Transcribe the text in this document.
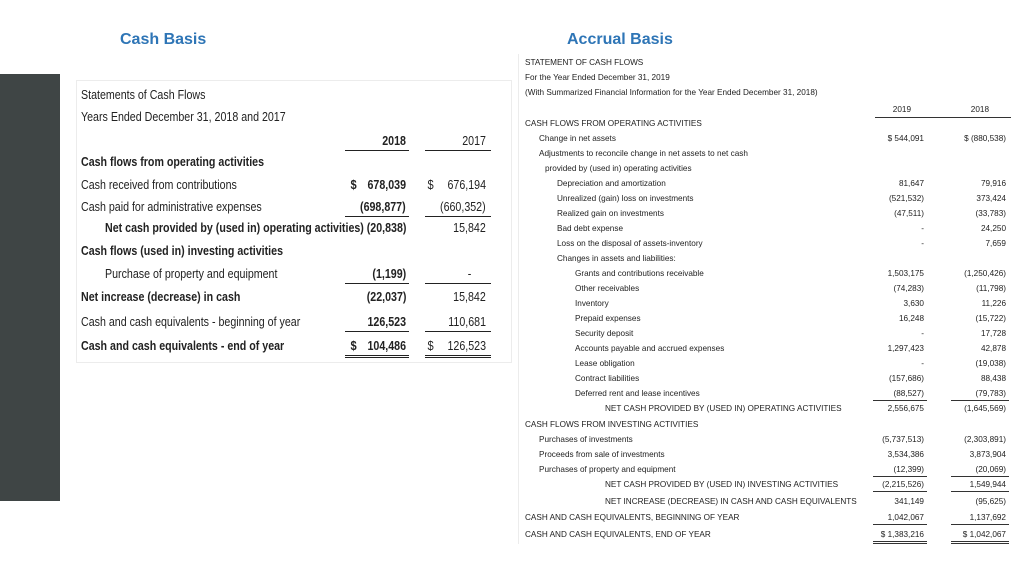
Cash Basis	Accrual Basis
Statements of Cash Flows
Years Ended December 31, 2018 and 2017
2018	2017
Cash flows from operating activities
Cash received from contributions	$ 678,039 $ 676,194
Cash paid for administrative expenses	(698,877)	(660,352)
Net cash provided by (used in) operating activities) (20,838)	15,842
Cash flows (used in) investing activities
Purchase of property and equipment	(1,199)	-
Net increase (decrease) in cash	(22,037)	15,842
Cash and cash equivalents - beginning of year	126,523	110,681
Cash and cash equivalents - end of year	$ 104,486 $ 126,523
STATEMENT OF CASH FLOWS
For the Year Ended December 31, 2019
(With Summarized Financial Information for the Year Ended December 31, 2018)
2019	2018
CASH FLOWS FROM OPERATING ACTIVITIES
Change in net assets	$ 544,091	$ (880,538)
Adjustments to reconcile change in net assets to net cash
provided by (used in) operating activities
Depreciation and amortization	81,647	79,916
Unrealized (gain) loss on investments	(521,532)	373,424
Realized gain on investments	(47,511)	(33,783)
Bad debt expense	-	24,250
Loss on the disposal of assets-inventory	-	7,659
Changes in assets and liabilities:
Grants and contributions receivable	1,503,175	(1,250,426)
Other receivables	(74,283)	(11,798)
Inventory	3,630	11,226
Prepaid expenses	16,248	(15,722)
Security deposit	-	17,728
Accounts payable and accrued expenses	1,297,423	42,878
Lease obligation	-	(19,038)
Contract liabilities	(157,686)	88,438
Deferred rent and lease incentives	(88,527)	(79,783)
NET CASH PROVIDED BY (USED IN) OPERATING ACTIVITIES	2,556,675	(1,645,569)
CASH FLOWS FROM INVESTING ACTIVITIES
Purchases of investments	(5,737,513)	(2,303,891)
Proceeds from sale of investments	3,534,386	3,873,904
Purchases of property and equipment	(12,399)	(20,069)
NET CASH PROVIDED BY (USED IN) INVESTING ACTIVITIES	(2,215,526)	1,549,944
NET INCREASE (DECREASE) IN CASH AND CASH EQUIVALENTS	341,149	(95,625)
CASH AND CASH EQUIVALENTS, BEGINNING OF YEAR	1,042,067	1,137,692
CASH AND CASH EQUIVALENTS, END OF YEAR	$ 1,383,216	$ 1,042,067
